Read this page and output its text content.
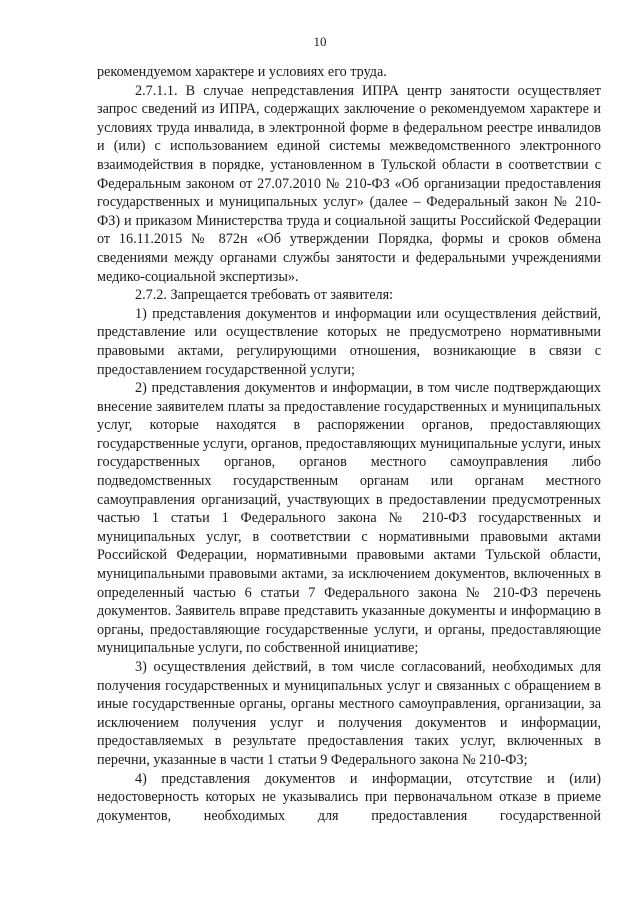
10

рекомендуемом характере и условиях его труда.

2.7.1.1. В случае непредставления ИПРА центр занятости осуществляет запрос сведений из ИПРА, содержащих заключение о рекомендуемом характере и условиях труда инвалида, в электронной форме в федеральном реестре инвалидов и (или) с использованием единой системы межведомственного электронного взаимодействия в порядке, установленном в Тульской области в соответствии с Федеральным законом от 27.07.2010 № 210-ФЗ «Об организации предоставления государственных и муниципальных услуг» (далее – Федеральный закон № 210-ФЗ) и приказом Министерства труда и социальной защиты Российской Федерации от 16.11.2015 № 872н «Об утверждении Порядка, формы и сроков обмена сведениями между органами службы занятости и федеральными учреждениями медико-социальной экспертизы».

2.7.2. Запрещается требовать от заявителя:

1) представления документов и информации или осуществления действий, представление или осуществление которых не предусмотрено нормативными правовыми актами, регулирующими отношения, возникающие в связи с предоставлением государственной услуги;

2) представления документов и информации, в том числе подтверждающих внесение заявителем платы за предоставление государственных и муниципальных услуг, которые находятся в распоряжении органов, предоставляющих государственные услуги, органов, предоставляющих муниципальные услуги, иных государственных органов, органов местного самоуправления либо подведомственных государственным органам или органам местного самоуправления организаций, участвующих в предоставлении предусмотренных частью 1 статьи 1 Федерального закона № 210-ФЗ государственных и муниципальных услуг, в соответствии с нормативными правовыми актами Российской Федерации, нормативными правовыми актами Тульской области, муниципальными правовыми актами, за исключением документов, включенных в определенный частью 6 статьи 7 Федерального закона № 210-ФЗ перечень документов. Заявитель вправе представить указанные документы и информацию в органы, предоставляющие государственные услуги, и органы, предоставляющие муниципальные услуги, по собственной инициативе;

3) осуществления действий, в том числе согласований, необходимых для получения государственных и муниципальных услуг и связанных с обращением в иные государственные органы, органы местного самоуправления, организации, за исключением получения услуг и получения документов и информации, предоставляемых в результате предоставления таких услуг, включенных в перечни, указанные в части 1 статьи 9 Федерального закона № 210-ФЗ;

4) представления документов и информации, отсутствие и (или) недостоверность которых не указывались при первоначальном отказе в приеме документов, необходимых для предоставления государственной
